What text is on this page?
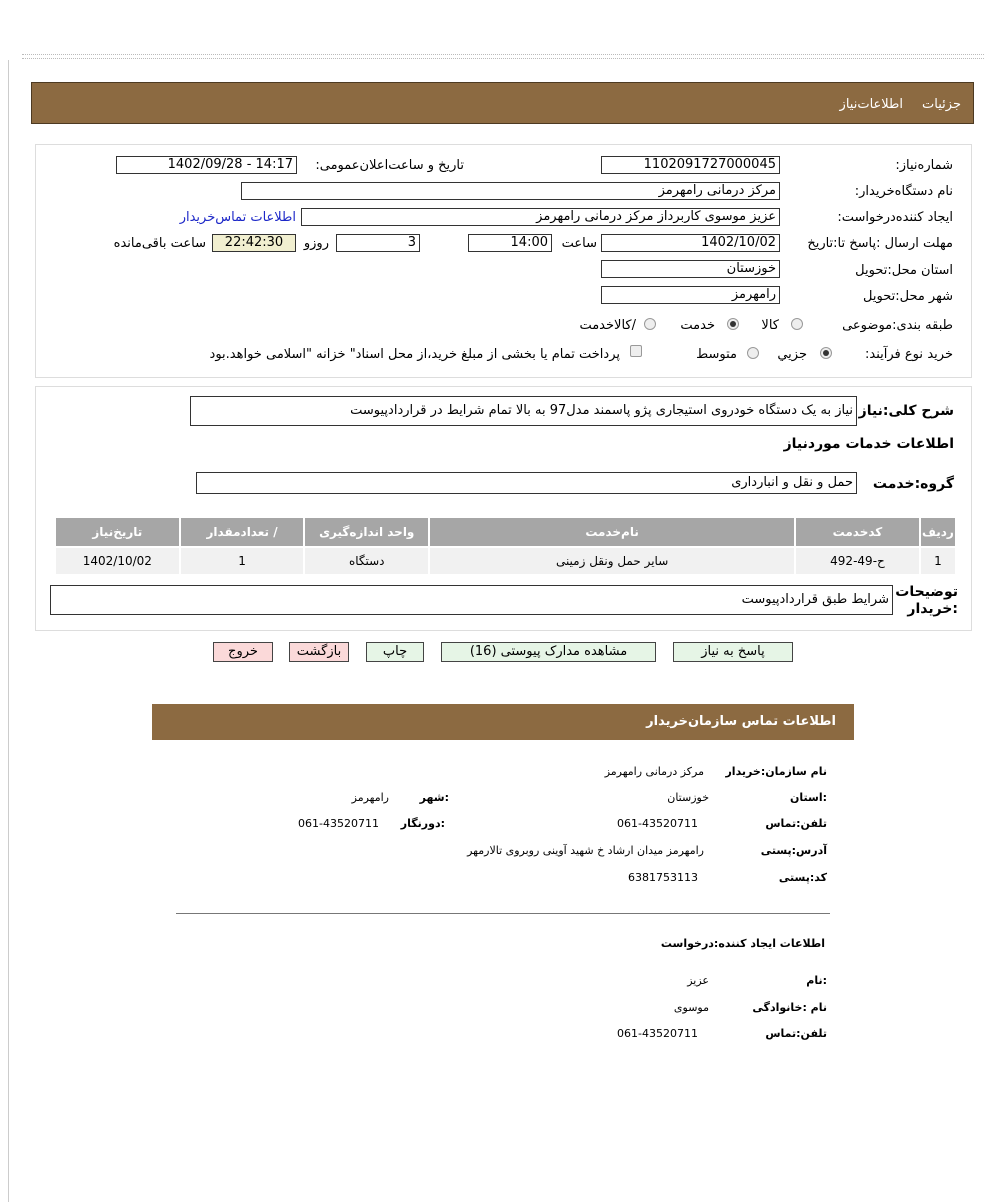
جزئیات
اطلاعات‌نیاز
شماره‌نیاز:
1102091727000045
تاریخ و ساعت‌اعلان‌عمومی:
1402/09/28 - 14:17
نام دستگاه‌خریدار:
مرکز درمانی رامهرمز
ایجاد کننده‌درخواست:
عزیز موسوی کاربرداز مرکز درمانی رامهرمز
اطلاعات تماس‌خریدار
مهلت ارسال :پاسخ تا:تاریخ
1402/10/02
ساعت
14:00
3
روزو
22:42:30
ساعت باقی‌مانده
استان محل:تحویل
خوزستان
شهر محل:تحویل
رامهرمز
طبقه بندی:موضوعی
کالا
خدمت
/کالاخدمت
نوع فرآیند: خرید
جزيي
متوسط
پرداخت تمام یا بخشی از مبلغ خرید،از محل اسناد" خزانه "اسلامی خواهد.بود
شرح کلی:نیاز
نیاز به یک دستگاه خودروی استیجاری پژو پاسمند مدل97 به بالا تمام شرایط در قراردادپیوست
اطلاعات خدمات موردنیاز
گروه:خدمت
حمل و نقل و انبارداری
ردیف	کدخدمت	نام‌خدمت	واحد اندازه‌گیری	/ تعدادمقدار	تاریخ‌نیاز
1	ح-49-492	سایر حمل ونقل زمینی	دستگاه	1	1402/10/02
توضیحات :خریدار
شرایط طبق قراردادپیوست
پاسخ به نیاز
مشاهده مدارک پیوستی (16)
چاپ
بازگشت
خروج
اطلاعات تماس سازمان‌خریدار
نام سازمان:خریدار
مرکز درمانی رامهرمز
:استان
خوزستان
:شهر
رامهرمز
تلفن:تماس
061-43520711
:دورنگار
061-43520711
آدرس:پستی
رامهرمز میدان ارشاد خ شهید آوینی روبروی تالارمهر
کد:پستی
6381753113
اطلاعات ایجاد کننده:درخواست
:نام
عزیز
نام :خانوادگی
موسوی
تلفن:تماس
061-43520711
